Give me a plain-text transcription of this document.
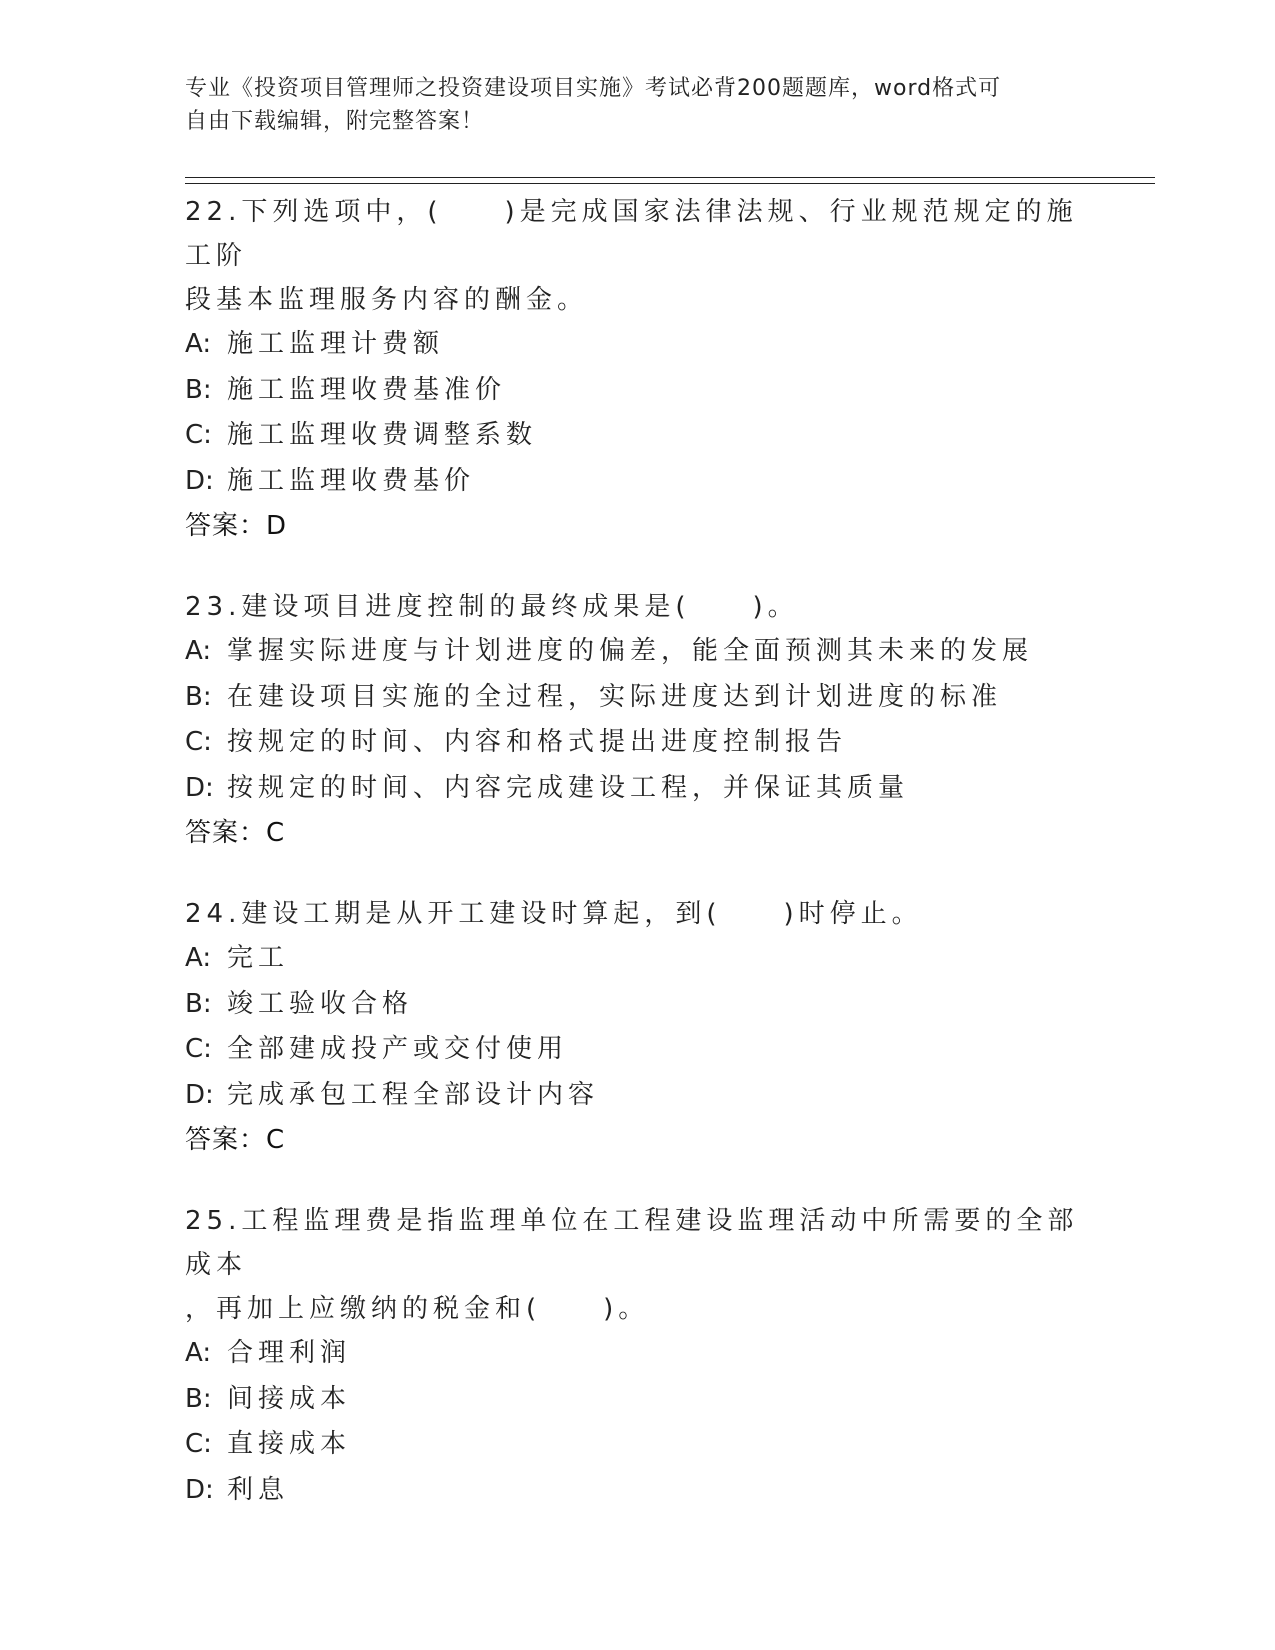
专业《投资项目管理师之投资建设项目实施》考试必背200题题库，word格式可
自由下载编辑，附完整答案！

22.下列选项中，(　　)是完成国家法律法规、行业规范规定的施工阶

段基本监理服务内容的酬金。

A: 施工监理计费额

B: 施工监理收费基准价

C: 施工监理收费调整系数

D: 施工监理收费基价

答案：D

23.建设项目进度控制的最终成果是(　　)。

A: 掌握实际进度与计划进度的偏差，能全面预测其未来的发展

B: 在建设项目实施的全过程，实际进度达到计划进度的标准

C: 按规定的时间、内容和格式提出进度控制报告

D: 按规定的时间、内容完成建设工程，并保证其质量

答案：C

24.建设工期是从开工建设时算起，到(　　)时停止。

A: 完工

B: 竣工验收合格

C: 全部建成投产或交付使用

D: 完成承包工程全部设计内容

答案：C

25.工程监理费是指监理单位在工程建设监理活动中所需要的全部成本

，再加上应缴纳的税金和(　　)。

A: 合理利润

B: 间接成本

C: 直接成本

D: 利息
